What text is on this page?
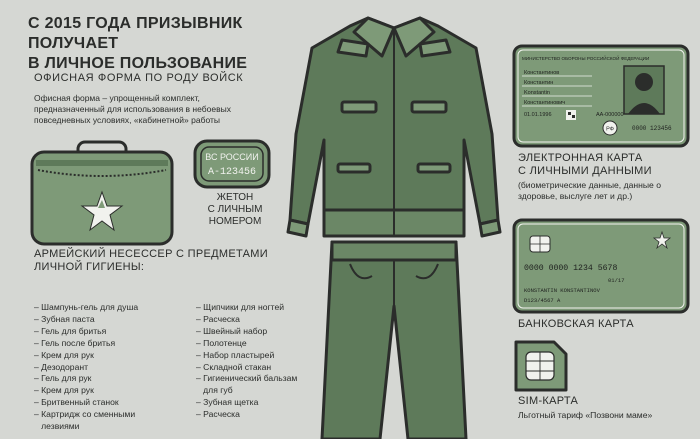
С 2015 ГОДА ПРИЗЫВНИК ПОЛУЧАЕТ
В ЛИЧНОЕ ПОЛЬЗОВАНИЕ
ОФИСНАЯ ФОРМА ПО РОДУ ВОЙСК
Офисная форма – упрощенный комплект, предназначенный для использования в небоевых повседневных условиях, «кабинетной» работы
ВС РОССИИ
А-123456
ЖЕТОН
С ЛИЧНЫМ
НОМЕРОМ
АРМЕЙСКИЙ НЕСЕССЕР С ПРЕДМЕТАМИ
ЛИЧНОЙ ГИГИЕНЫ:
– Шампунь-гель для душа
– Зубная паста
– Гель для бритья
– Гель после бритья
– Крем для рук
– Дезодорант
– Гель для рук
– Крем для рук
– Бритвенный станок
– Картридж со сменными
лезвиями
– Щипчики для ногтей
– Расческа
– Швейный набор
– Полотенце
– Набор пластырей
– Складной стакан
– Гигиенический бальзам
для губ
– Зубная щетка
– Расческа
МИНИСТЕРСТВО ОБОРОНЫ РОССИЙСКОЙ ФЕДЕРАЦИИ
Константинов
Константин
Konstantin
Константинович
01.01.1996	АА-000000
РФ	0000 123456
ЭЛЕКТРОННАЯ КАРТА
С ЛИЧНЫМИ ДАННЫМИ
(биометрические данные, данные о здоровье, выслуге лет и др.)
0000 0000 1234 5678
01/17
KONSTANTIN KONSTANTINOV
D123/4567 A
БАНКОВСКАЯ КАРТА
SIM-КАРТА
Льготный тариф «Позвони маме»
